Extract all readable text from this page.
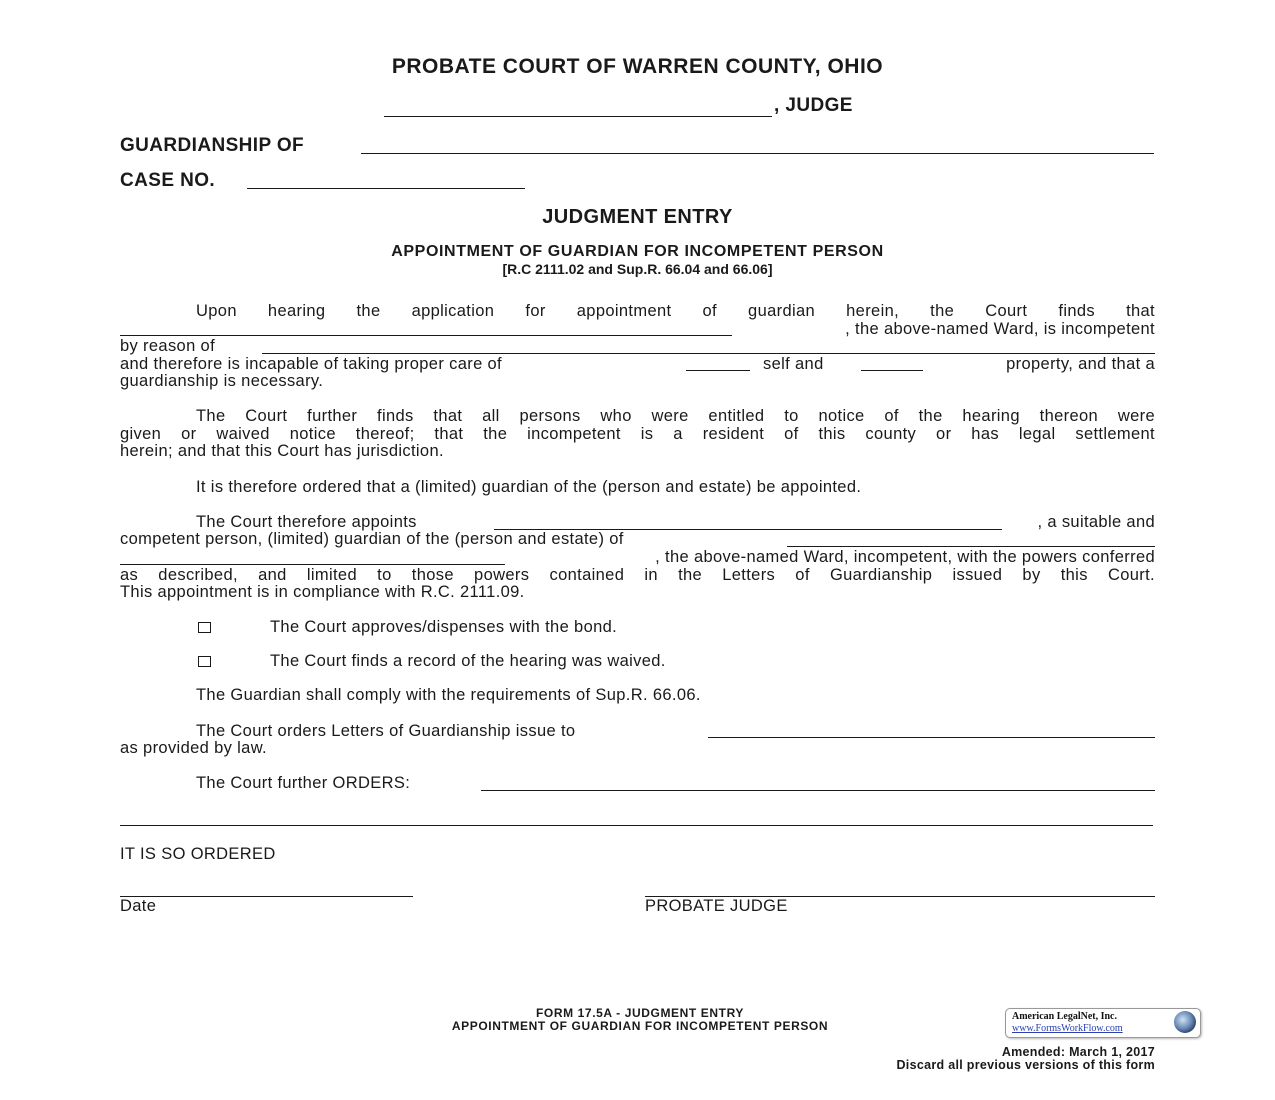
PROBATE COURT OF WARREN COUNTY, OHIO
, JUDGE
GUARDIANSHIP OF
CASE NO.
JUDGMENT ENTRY
APPOINTMENT OF GUARDIAN FOR INCOMPETENT PERSON
[R.C 2111.02 and Sup.R. 66.04 and 66.06]
Upon hearing the application for appointment of guardian herein, the Court finds that
, the above-named Ward, is incompetent
by reason of
and therefore is incapable of taking proper care of	self and	property, and that a
guardianship is necessary.
The Court further finds that all persons who were entitled to notice of the hearing thereon were
given or waived notice thereof; that the incompetent is a resident of this county or has legal settlement
herein; and that this Court has jurisdiction.
It is therefore ordered that a (limited) guardian of the (person and estate) be appointed.
The Court therefore appoints	, a suitable and
competent person, (limited) guardian of the (person and estate) of
, the above-named Ward, incompetent, with the powers conferred
as described, and limited to those powers contained in the Letters of Guardianship issued by this Court.
This appointment is in compliance with R.C. 2111.09.
The Court approves/dispenses with the bond.
The Court finds a record of the hearing was waived.
The Guardian shall comply with the requirements of Sup.R. 66.06.
The Court orders Letters of Guardianship issue to
as provided by law.
The Court further ORDERS:
IT IS SO ORDERED
Date	PROBATE JUDGE
FORM 17.5A - JUDGMENT ENTRY
APPOINTMENT OF GUARDIAN FOR INCOMPETENT PERSON
American LegalNet, Inc.
www.FormsWorkFlow.com
Amended: March 1, 2017
Discard all previous versions of this form
